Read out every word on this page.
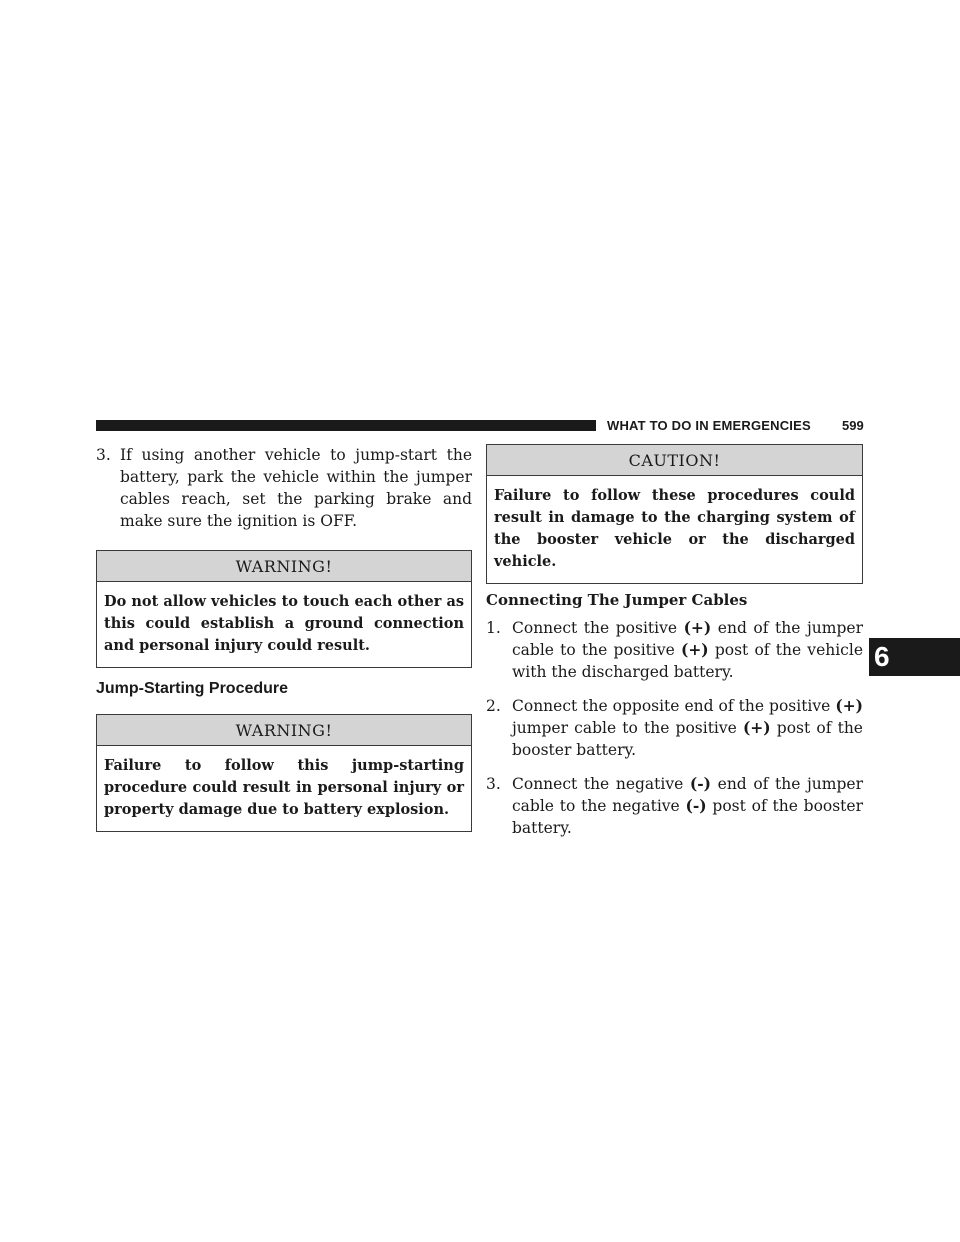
WHAT TO DO IN EMERGENCIES 599
6

3. If using another vehicle to jump-start the battery, park the vehicle within the jumper cables reach, set the parking brake and make sure the ignition is OFF.

WARNING!
Do not allow vehicles to touch each other as this could establish a ground connection and personal injury could result.
Jump-Starting Procedure
WARNING!
Failure to follow this jump-starting procedure could result in personal injury or property damage due to battery explosion.
CAUTION!
Failure to follow these procedures could result in damage to the charging system of the booster vehicle or the discharged vehicle.
Connecting The Jumper Cables

1. Connect the positive (+) end of the jumper cable to the positive (+) post of the vehicle with the discharged battery.

2. Connect the opposite end of the positive (+) jumper cable to the positive (+) post of the booster battery.

3. Connect the negative (-) end of the jumper cable to the negative (-) post of the booster battery.
